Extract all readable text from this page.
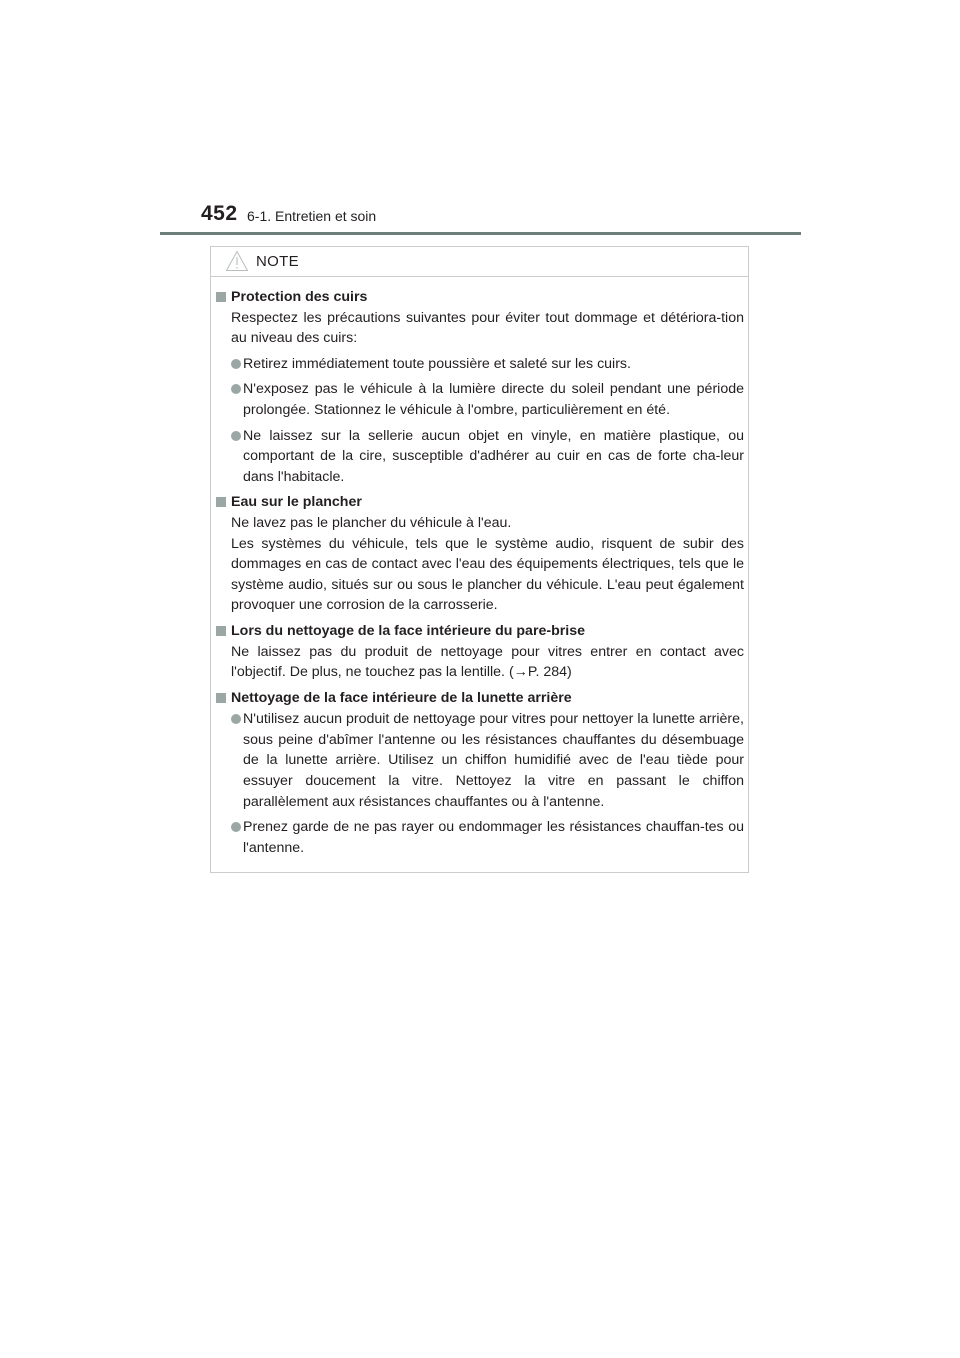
452 6-1. Entretien et soin
NOTE
Protection des cuirs
Respectez les précautions suivantes pour éviter tout dommage et détériora-tion au niveau des cuirs:
Retirez immédiatement toute poussière et saleté sur les cuirs.
N'exposez pas le véhicule à la lumière directe du soleil pendant une période prolongée. Stationnez le véhicule à l'ombre, particulièrement en été.
Ne laissez sur la sellerie aucun objet en vinyle, en matière plastique, ou comportant de la cire, susceptible d'adhérer au cuir en cas de forte cha-leur dans l'habitacle.
Eau sur le plancher
Ne lavez pas le plancher du véhicule à l'eau.
Les systèmes du véhicule, tels que le système audio, risquent de subir des dommages en cas de contact avec l'eau des équipements électriques, tels que le système audio, situés sur ou sous le plancher du véhicule. L'eau peut également provoquer une corrosion de la carrosserie.
Lors du nettoyage de la face intérieure du pare-brise
Ne laissez pas du produit de nettoyage pour vitres entrer en contact avec l'objectif. De plus, ne touchez pas la lentille. (→P. 284)
Nettoyage de la face intérieure de la lunette arrière
N'utilisez aucun produit de nettoyage pour vitres pour nettoyer la lunette arrière, sous peine d'abîmer l'antenne ou les résistances chauffantes du désembuage de la lunette arrière. Utilisez un chiffon humidifié avec de l'eau tiède pour essuyer doucement la vitre. Nettoyez la vitre en passant le chiffon parallèlement aux résistances chauffantes ou à l'antenne.
Prenez garde de ne pas rayer ou endommager les résistances chauffan-tes ou l'antenne.
